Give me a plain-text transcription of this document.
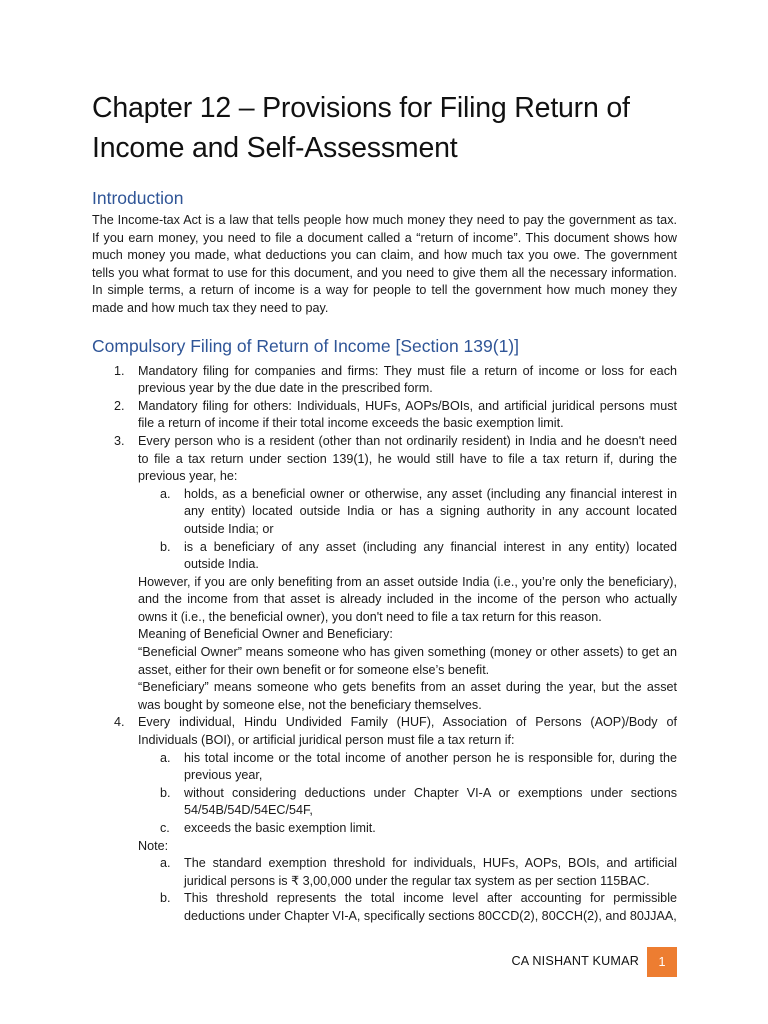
Chapter 12 – Provisions for Filing Return of Income and Self-Assessment
Introduction

The Income-tax Act is a law that tells people how much money they need to pay the government as tax. If you earn money, you need to file a document called a “return of income”. This document shows how much money you made, what deductions you can claim, and how much tax you owe. The government tells you what format to use for this document, and you need to give them all the necessary information. In simple terms, a return of income is a way for people to tell the government how much money they made and how much tax they need to pay.

Compulsory Filing of Return of Income [Section 139(1)]
1. Mandatory filing for companies and firms: They must file a return of income or loss for each previous year by the due date in the prescribed form.

2. Mandatory filing for others: Individuals, HUFs, AOPs/BOIs, and artificial juridical persons must file a return of income if their total income exceeds the basic exemption limit.

3. Every person who is a resident (other than not ordinarily resident) in India and he doesn't need to file a tax return under section 139(1), he would still have to file a tax return if, during the previous year, he:

a. holds, as a beneficial owner or otherwise, any asset (including any financial interest in any entity) located outside India or has a signing authority in any account located outside India; or

b. is a beneficiary of any asset (including any financial interest in any entity) located outside India.

However, if you are only benefiting from an asset outside India (i.e., you’re only the beneficiary), and the income from that asset is already included in the income of the person who actually owns it (i.e., the beneficial owner), you don't need to file a tax return for this reason.

Meaning of Beneficial Owner and Beneficiary:

“Beneficial Owner” means someone who has given something (money or other assets) to get an asset, either for their own benefit or for someone else’s benefit.

“Beneficiary” means someone who gets benefits from an asset during the year, but the asset was bought by someone else, not the beneficiary themselves.

4. Every individual, Hindu Undivided Family (HUF), Association of Persons (AOP)/Body of Individuals (BOI), or artificial juridical person must file a tax return if:

a. his total income or the total income of another person he is responsible for, during the previous year,

b. without considering deductions under Chapter VI-A or exemptions under sections 54/54B/54D/54EC/54F,

c. exceeds the basic exemption limit.

Note:

a. The standard exemption threshold for individuals, HUFs, AOPs, BOIs, and artificial juridical persons is ₹ 3,00,000 under the regular tax system as per section 115BAC.

b. This threshold represents the total income level after accounting for permissible deductions under Chapter VI-A, specifically sections 80CCD(2), 80CCH(2), and 80JJAA,

CA NISHANT KUMAR	1
